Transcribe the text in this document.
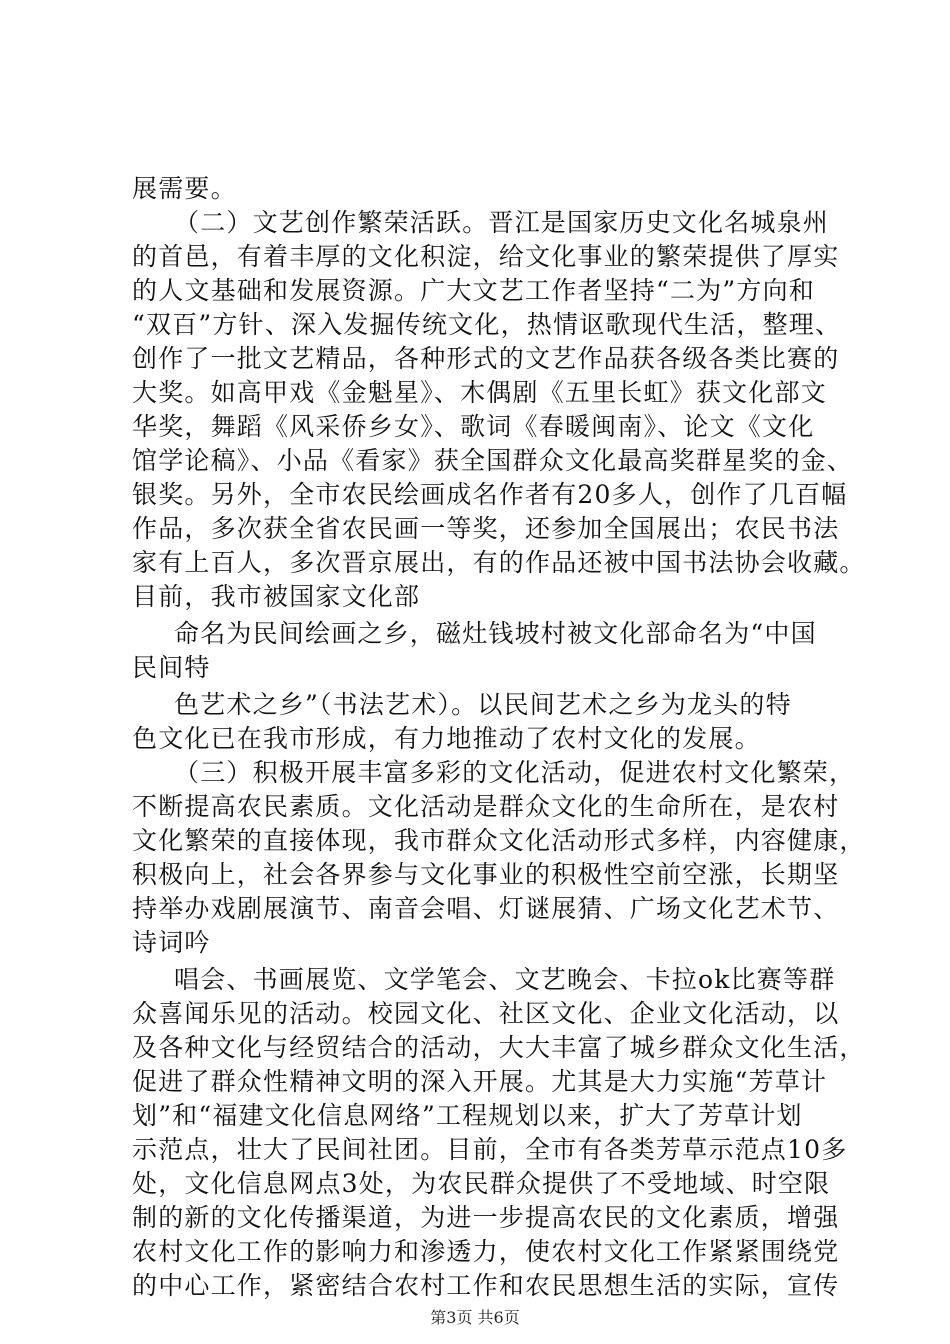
展需要。
（二）文艺创作繁荣活跃。晋江是国家历史文化名城泉州
的首邑，有着丰厚的文化积淀，给文化事业的繁荣提供了厚实
的人文基础和发展资源。广大文艺工作者坚持“二为”方向和
“双百”方针、深入发掘传统文化，热情讴歌现代生活，整理、
创作了一批文艺精品，各种形式的文艺作品获各级各类比赛的
大奖。如高甲戏《金魁星》、木偶剧《五里长虹》获文化部文
华奖，舞蹈《风采侨乡女》、歌词《春暖闽南》、论文《文化
馆学论稿》、小品《看家》获全国群众文化最高奖群星奖的金、
银奖。另外，全市农民绘画成名作者有20多人，创作了几百幅
作品，多次获全省农民画一等奖，还参加全国展出；农民书法
家有上百人，多次晋京展出，有的作品还被中国书法协会收藏。
目前，我市被国家文化部
命名为民间绘画之乡，磁灶钱坡村被文化部命名为“中国
民间特
色艺术之乡”（书法艺术）。以民间艺术之乡为龙头的特
色文化已在我市形成，有力地推动了农村文化的发展。
（三）积极开展丰富多彩的文化活动，促进农村文化繁荣，
不断提高农民素质。文化活动是群众文化的生命所在，是农村
文化繁荣的直接体现，我市群众文化活动形式多样，内容健康，
积极向上，社会各界参与文化事业的积极性空前空涨，长期坚
持举办戏剧展演节、南音会唱、灯谜展猜、广场文化艺术节、
诗词吟
唱会、书画展览、文学笔会、文艺晚会、卡拉ok比赛等群
众喜闻乐见的活动。校园文化、社区文化、企业文化活动，以
及各种文化与经贸结合的活动，大大丰富了城乡群众文化生活，
促进了群众性精神文明的深入开展。尤其是大力实施“芳草计
划”和“福建文化信息网络”工程规划以来，扩大了芳草计划
示范点，壮大了民间社团。目前，全市有各类芳草示范点10多
处，文化信息网点3处，为农民群众提供了不受地域、时空限
制的新的文化传播渠道，为进一步提高农民的文化素质，增强
农村文化工作的影响力和渗透力，使农村文化工作紧紧围绕党
的中心工作，紧密结合农村工作和农民思想生活的实际，宣传
第3页 共6页
